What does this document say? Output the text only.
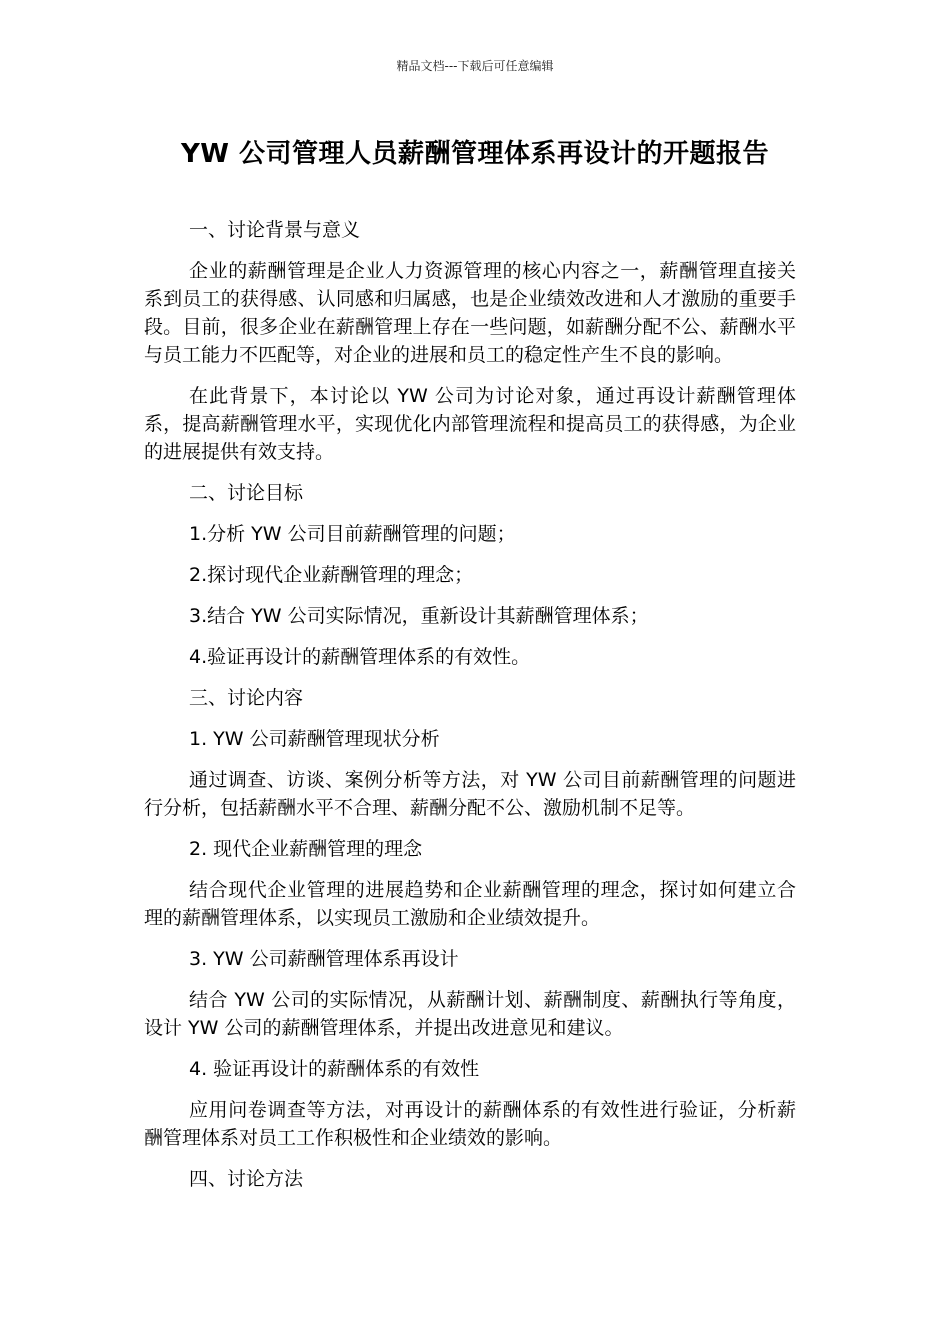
精品文档---下载后可任意编辑
YW 公司管理人员薪酬管理体系再设计的开题报告

一、讨论背景与意义

企业的薪酬管理是企业人力资源管理的核心内容之一，薪酬管理直接关系到员工的获得感、认同感和归属感，也是企业绩效改进和人才激励的重要手段。目前，很多企业在薪酬管理上存在一些问题，如薪酬分配不公、薪酬水平与员工能力不匹配等，对企业的进展和员工的稳定性产生不良的影响。

在此背景下，本讨论以 YW 公司为讨论对象，通过再设计薪酬管理体系，提高薪酬管理水平，实现优化内部管理流程和提高员工的获得感，为企业的进展提供有效支持。

二、讨论目标

1.分析 YW 公司目前薪酬管理的问题；

2.探讨现代企业薪酬管理的理念；

3.结合 YW 公司实际情况，重新设计其薪酬管理体系；

4.验证再设计的薪酬管理体系的有效性。

三、讨论内容

1. YW 公司薪酬管理现状分析

通过调查、访谈、案例分析等方法，对 YW 公司目前薪酬管理的问题进行分析，包括薪酬水平不合理、薪酬分配不公、激励机制不足等。

2. 现代企业薪酬管理的理念

结合现代企业管理的进展趋势和企业薪酬管理的理念，探讨如何建立合理的薪酬管理体系，以实现员工激励和企业绩效提升。

3. YW 公司薪酬管理体系再设计

结合 YW 公司的实际情况，从薪酬计划、薪酬制度、薪酬执行等角度，设计 YW 公司的薪酬管理体系，并提出改进意见和建议。

4. 验证再设计的薪酬体系的有效性

应用问卷调查等方法，对再设计的薪酬体系的有效性进行验证，分析薪酬管理体系对员工工作积极性和企业绩效的影响。

四、讨论方法
